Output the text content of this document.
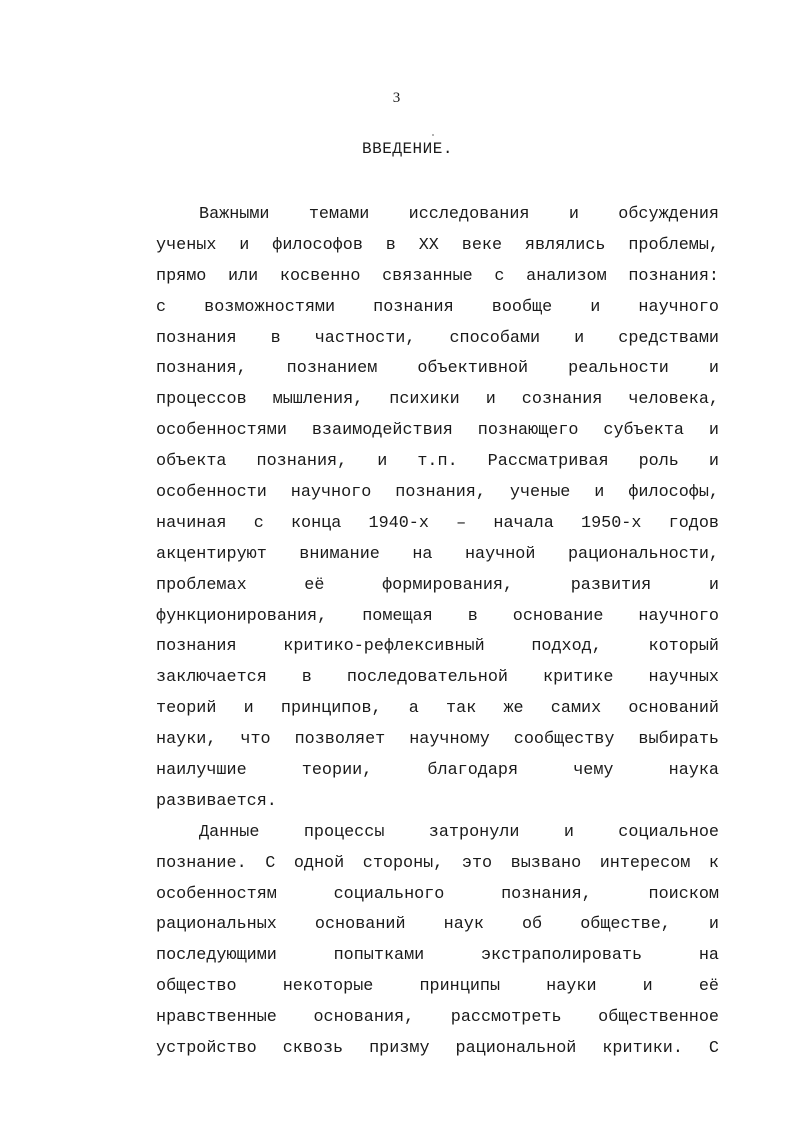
3
ВВЕДЕНИЕ.
Важными темами исследования и обсуждения
ученых и философов в XX веке являлись проблемы,
прямо или косвенно связанные с анализом познания:
с возможностями познания вообще и научного
познания в частности, способами и средствами
познания, познанием объективной реальности и
процессов мышления, психики и сознания человека,
особенностями взаимодействия познающего субъекта и
объекта познания, и т.п. Рассматривая роль и
особенности научного познания, ученые и философы,
начиная с конца 1940-х – начала 1950-х годов
акцентируют внимание на научной рациональности,
проблемах её формирования, развития и
функционирования, помещая в основание научного
познания критико-рефлексивный подход, который
заключается в последовательной критике научных
теорий и принципов, а так же самих оснований
науки, что позволяет научному сообществу выбирать
наилучшие теории, благодаря чему наука
развивается.
Данные процессы затронули и социальное
познание. С одной стороны, это вызвано интересом к
особенностям социального познания, поиском
рациональных оснований наук об обществе, и
последующими попытками экстраполировать на
общество некоторые принципы науки и её
нравственные основания, рассмотреть общественное
устройство сквозь призму рациональной критики. С
